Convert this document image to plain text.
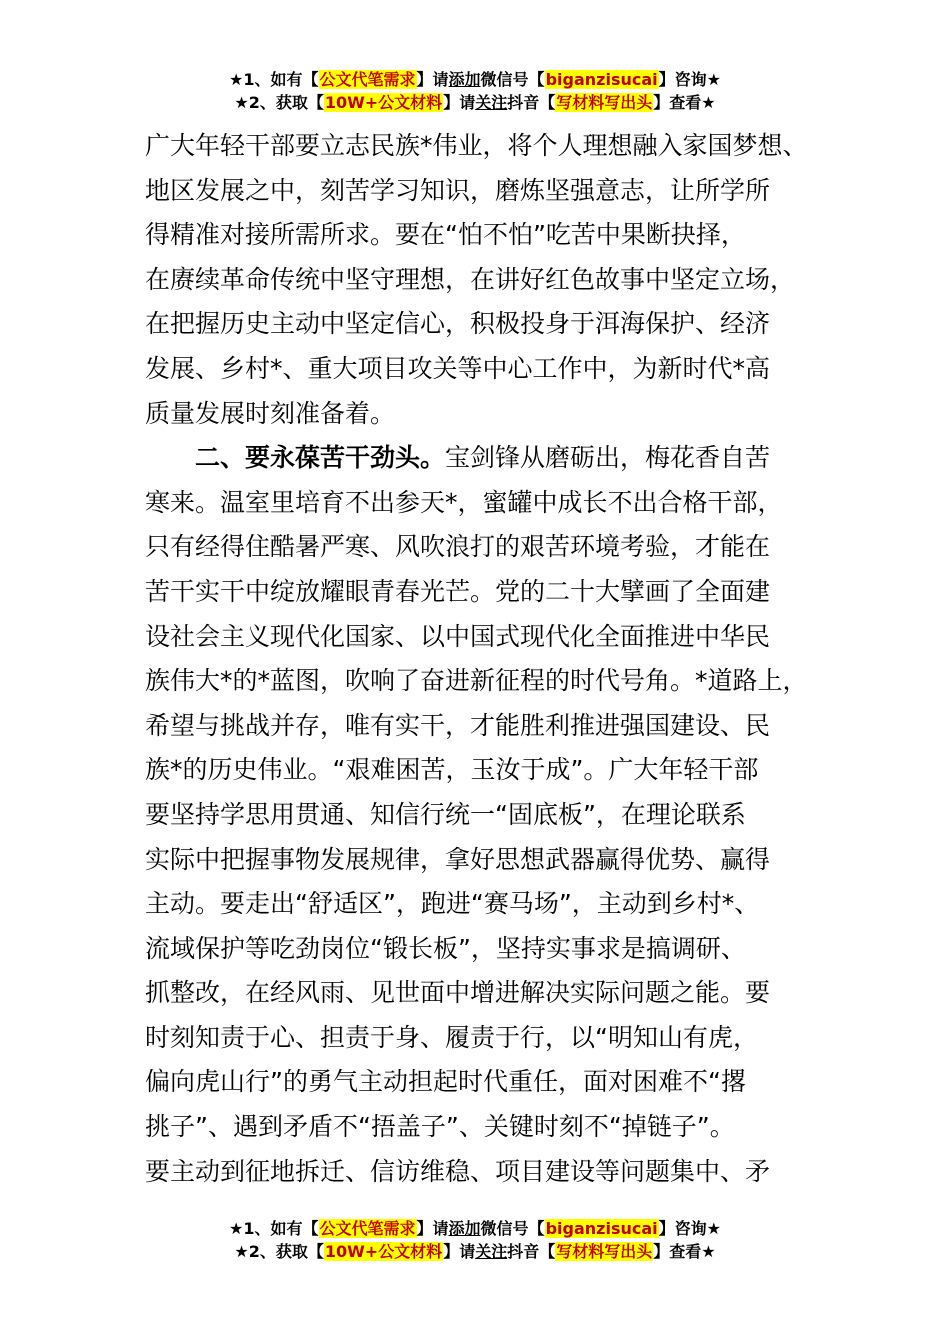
★1、如有【公文代笔需求】请添加微信号【biganzisucai】咨询★
★2、获取【10W+公文材料】请关注抖音【写材料写出头】查看★
广大年轻干部要立志民族*伟业，将个人理想融入家国梦想、
地区发展之中，刻苦学习知识，磨炼坚强意志，让所学所
得精准对接所需所求。要在“怕不怕”吃苦中果断抉择，
在赓续革命传统中坚守理想，在讲好红色故事中坚定立场，
在把握历史主动中坚定信心，积极投身于洱海保护、经济
发展、乡村*、重大项目攻关等中心工作中，为新时代*高
质量发展时刻准备着。
二、要永葆苦干劲头。宝剑锋从磨砺出，梅花香自苦
寒来。温室里培育不出参天*，蜜罐中成长不出合格干部，
只有经得住酷暑严寒、风吹浪打的艰苦环境考验，才能在
苦干实干中绽放耀眼青春光芒。党的二十大擘画了全面建
设社会主义现代化国家、以中国式现代化全面推进中华民
族伟大*的*蓝图，吹响了奋进新征程的时代号角。*道路上，
希望与挑战并存，唯有实干，才能胜利推进强国建设、民
族*的历史伟业。“艰难困苦，玉汝于成”。广大年轻干部
要坚持学思用贯通、知信行统一“固底板”，在理论联系
实际中把握事物发展规律，拿好思想武器赢得优势、赢得
主动。要走出“舒适区”，跑进“赛马场”，主动到乡村*、
流域保护等吃劲岗位“锻长板”，坚持实事求是搞调研、
抓整改，在经风雨、见世面中增进解决实际问题之能。要
时刻知责于心、担责于身、履责于行，以“明知山有虎，
偏向虎山行”的勇气主动担起时代重任，面对困难不“撂
挑子”、遇到矛盾不“捂盖子”、关键时刻不“掉链子”。
要主动到征地拆迁、信访维稳、项目建设等问题集中、矛
★1、如有【公文代笔需求】请添加微信号【biganzisucai】咨询★
★2、获取【10W+公文材料】请关注抖音【写材料写出头】查看★
